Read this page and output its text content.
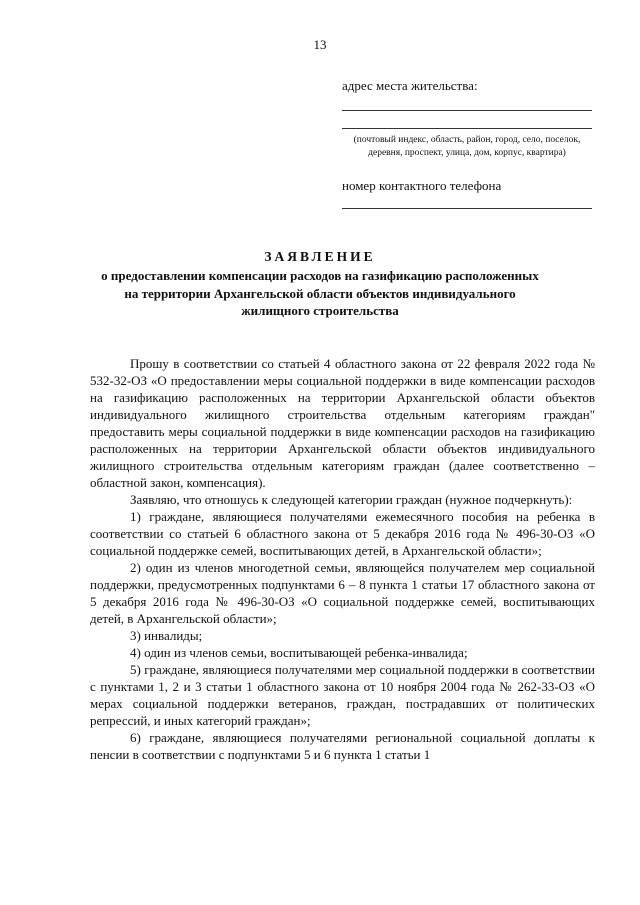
13
адрес места жительства:
(почтовый индекс, область, район, город, село, поселок, деревня, проспект, улица, дом, корпус, квартира)
номер контактного телефона
ЗАЯВЛЕНИЕ
о предоставлении компенсации расходов на газификацию расположенных на территории Архангельской области объектов индивидуального жилищного строительства

Прошу в соответствии со статьей 4 областного закона от 22 февраля 2022 года № 532-32-ОЗ «О предоставлении меры социальной поддержки в виде компенсации расходов на газификацию расположенных на территории Архангельской области объектов индивидуального жилищного строительства отдельным категориям граждан" предоставить меры социальной поддержки в виде компенсации расходов на газификацию расположенных на территории Архангельской области объектов индивидуального жилищного строительства отдельным категориям граждан (далее соответственно – областной закон, компенсация).

Заявляю, что отношусь к следующей категории граждан (нужное подчеркнуть):

1) граждане, являющиеся получателями ежемесячного пособия на ребенка в соответствии со статьей 6 областного закона от 5 декабря 2016 года № 496-30-ОЗ «О социальной поддержке семей, воспитывающих детей, в Архангельской области»;

2) один из членов многодетной семьи, являющейся получателем мер социальной поддержки, предусмотренных подпунктами 6 – 8 пункта 1 статьи 17 областного закона от 5 декабря 2016 года № 496-30-ОЗ «О социальной поддержке семей, воспитывающих детей, в Архангельской области»;

3) инвалиды;

4) один из членов семьи, воспитывающей ребенка-инвалида;

5) граждане, являющиеся получателями мер социальной поддержки в соответствии с пунктами 1, 2 и 3 статьи 1 областного закона от 10 ноября 2004 года № 262-33-ОЗ «О мерах социальной поддержки ветеранов, граждан, пострадавших от политических репрессий, и иных категорий граждан»;

6) граждане, являющиеся получателями региональной социальной доплаты к пенсии в соответствии с подпунктами 5 и 6 пункта 1 статьи 1
